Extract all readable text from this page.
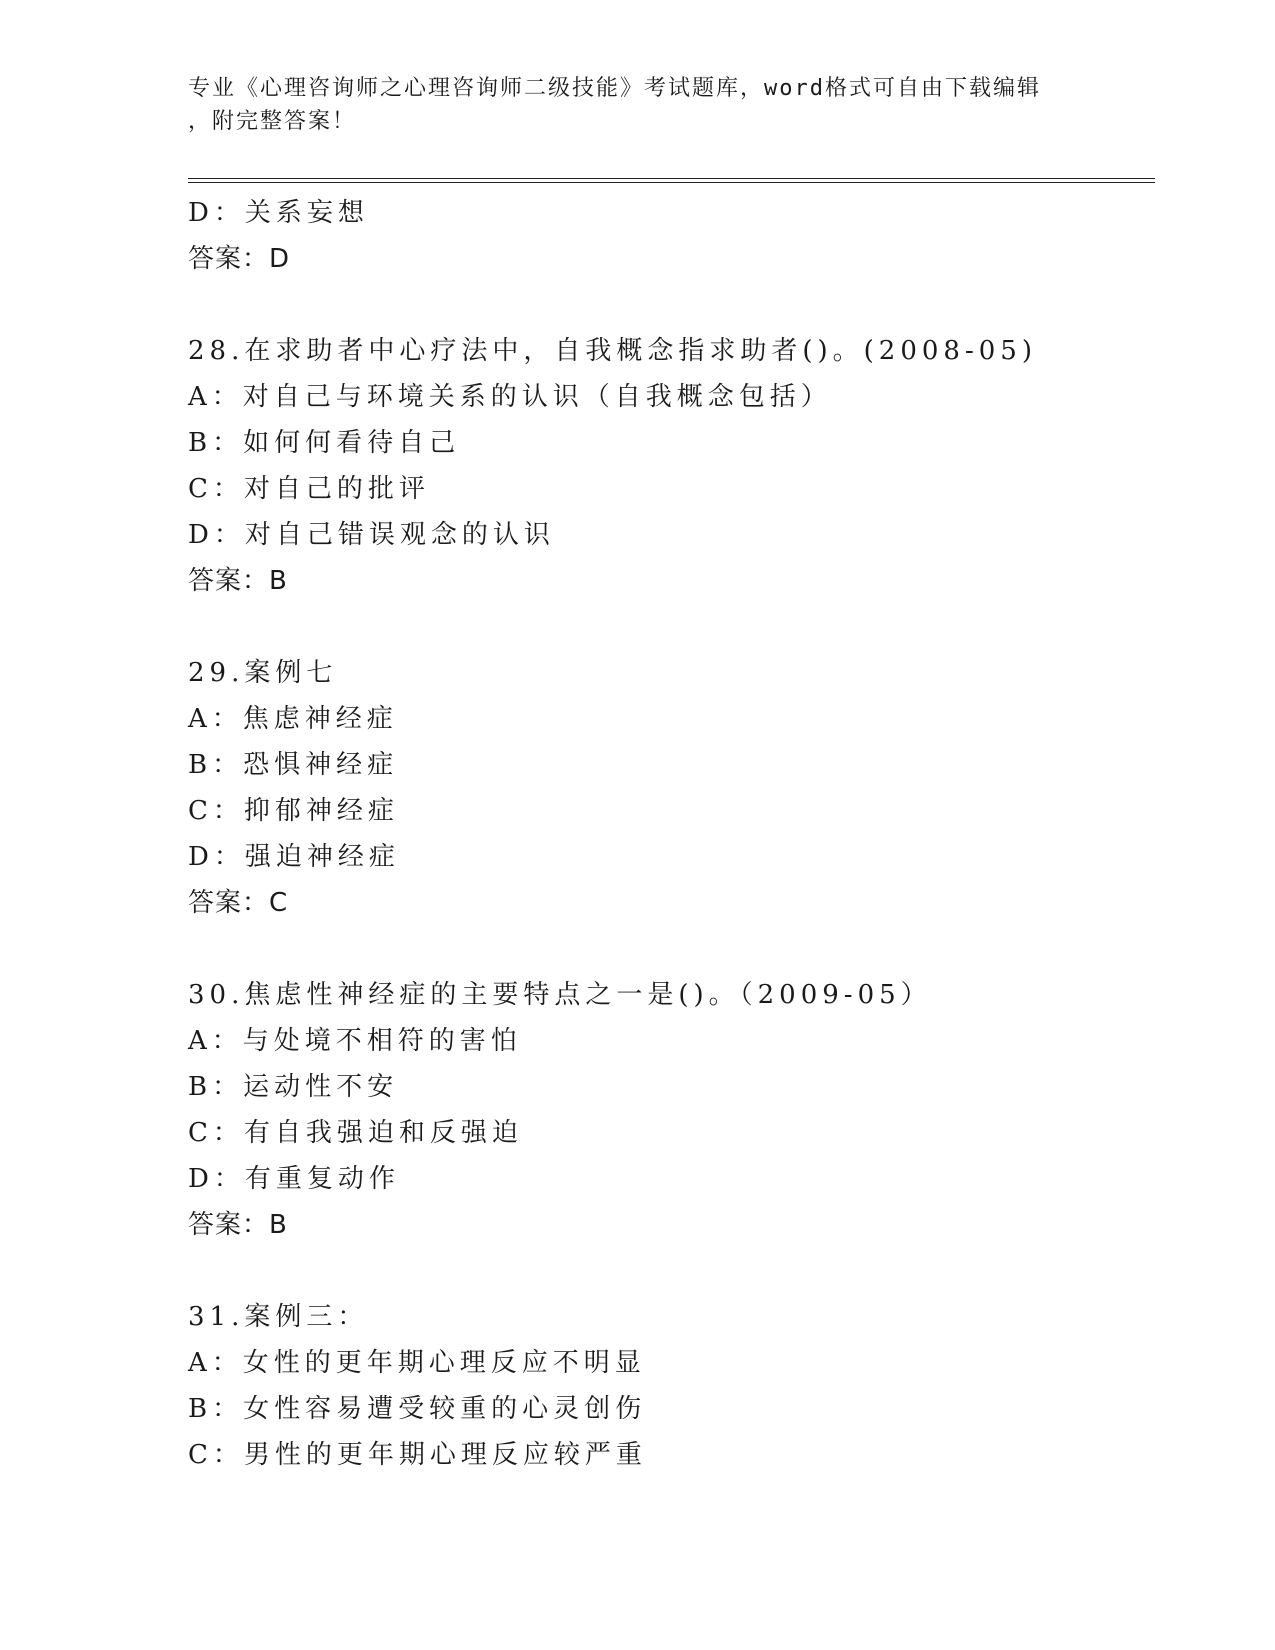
专业《心理咨询师之心理咨询师二级技能》考试题库，word格式可自由下载编辑
，附完整答案！
D：关系妄想
答案：D
28.在求助者中心疗法中，自我概念指求助者()。(2008-05)
A：对自己与环境关系的认识（自我概念包括）
B：如何何看待自己
C：对自己的批评
D：对自己错误观念的认识
答案：B
29.案例七
A：焦虑神经症
B：恐惧神经症
C：抑郁神经症
D：强迫神经症
答案：C
30.焦虑性神经症的主要特点之一是()。（2009-05）
A：与处境不相符的害怕
B：运动性不安
C：有自我强迫和反强迫
D：有重复动作
答案：B
31.案例三：
A：女性的更年期心理反应不明显
B：女性容易遭受较重的心灵创伤
C：男性的更年期心理反应较严重
